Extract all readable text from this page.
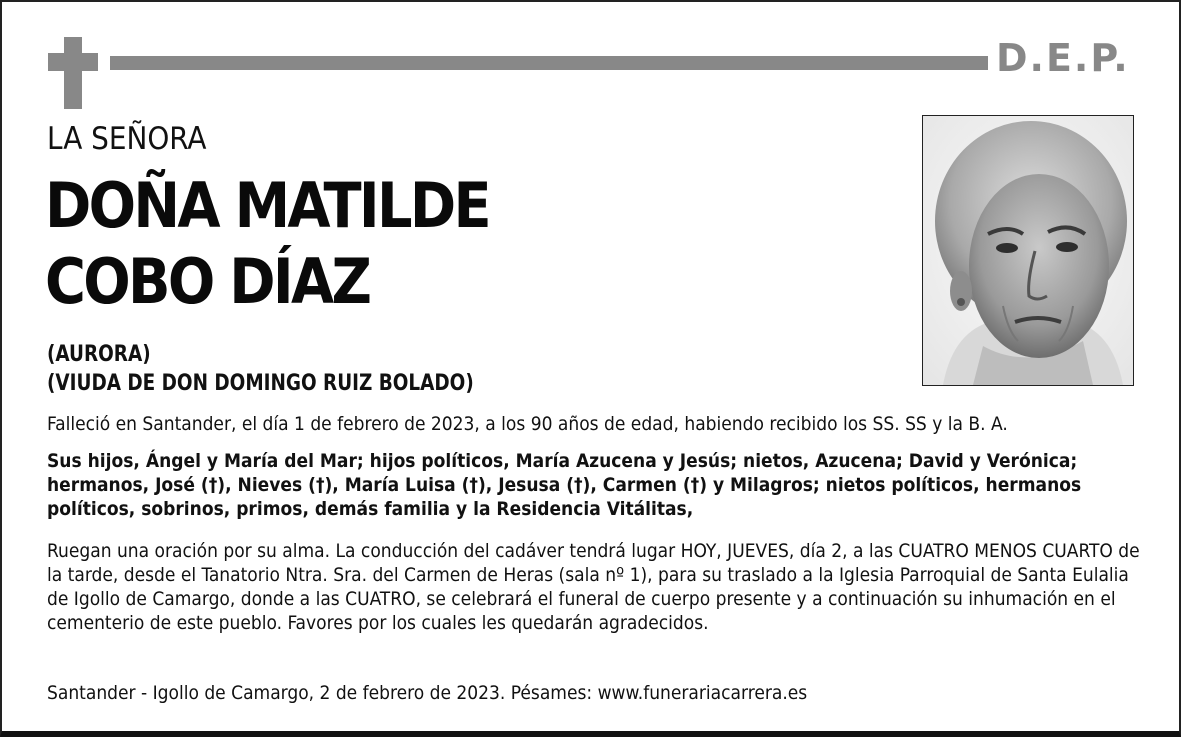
D.E.P.
LA SEÑORA
DOÑA MATILDE
COBO DÍAZ
(AURORA)
(VIUDA DE DON DOMINGO RUIZ BOLADO)
Falleció en Santander, el día 1 de febrero de 2023, a los 90 años de edad, habiendo recibido los SS. SS y la B. A.
Sus hijos, Ángel y María del Mar; hijos políticos, María Azucena y Jesús; nietos, Azucena; David y Verónica; hermanos, José (†), Nieves (†), María Luisa (†), Jesusa (†), Carmen (†) y Milagros; nietos políticos, hermanos políticos, sobrinos, primos, demás familia y la Residencia Vitálitas,
Ruegan una oración por su alma. La conducción del cadáver tendrá lugar HOY, JUEVES, día 2, a las CUATRO MENOS CUARTO de la tarde, desde el Tanatorio Ntra. Sra. del Carmen de Heras (sala nº 1), para su traslado a la Iglesia Parroquial de Santa Eulalia de Igollo de Camargo, donde a las CUATRO, se celebrará el funeral de cuerpo presente y a continuación su inhumación en el cementerio de este pueblo. Favores por los cuales les quedarán agradecidos.
Santander - Igollo de Camargo, 2 de febrero de 2023. Pésames: www.funerariacarrera.es
